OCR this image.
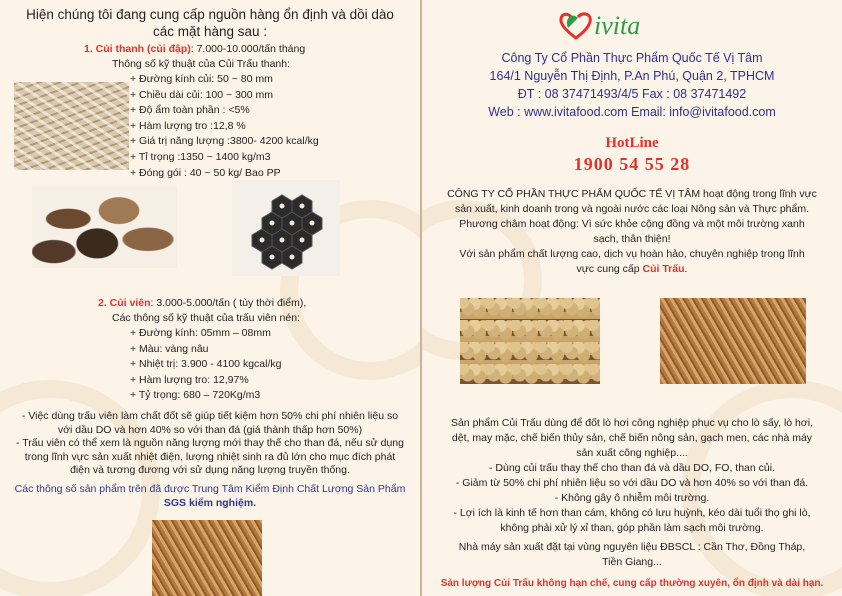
Hiện chúng tôi đang cung cấp nguồn hàng ổn định và dồi dào
các mặt hàng sau :
1. Củi thanh (củi đập): 7.000-10.000/tấn tháng
Thông số kỹ thuật của Củi Trấu thanh:
+ Đường kính củi: 50 ~ 80 mm
+ Chiều dài củi: 100 ~ 300 mm
+ Độ ẩm toàn phần : <5%
+ Hàm lượng tro :12,8 %
+ Giá trị năng lượng :3800- 4200 kcal/kg
+ Tỉ trọng :1350 ~ 1400 kg/m3
+ Đóng gói : 40 ~ 50 kg/ Bao PP
2. Củi viên: 3.000-5.000/tấn ( tùy thời điểm),
Các thông số kỹ thuật của trấu viên nén:
+ Đường kính: 05mm – 08mm
+ Màu: vàng nâu
+ Nhiệt trị: 3.900 - 4100 kgcal/kg
+ Hàm lượng tro: 12,97%
+ Tỷ trọng: 680 – 720Kg/m3
- Việc dùng trấu viên làm chất đốt sẽ giúp tiết kiệm hơn 50% chi phí nhiên liệu so
với dầu DO và hơn 40% so với than đá (giá thành thấp hơn 50%)
- Trấu viên có thể xem là nguồn năng lượng mới thay thế cho than đá, nếu sử dụng
trong lĩnh vực sản xuất nhiệt điện, lượng nhiệt sinh ra đủ lớn cho mục đích phát
điện và tương đương với sử dụng năng lượng truyền thống.
Các thông số sản phẩm trên đã được Trung Tâm Kiểm Định Chất Lượng Sản Phẩm
SGS kiểm nghiệm.
ivita
Công Ty Cổ Phần Thực Phẩm Quốc Tế Vị Tâm
164/1 Nguyễn Thị Định, P.An Phú, Quận 2, TPHCM
ĐT : 08 37471493/4/5 Fax : 08 37471492
Web : www.ivitafood.com Email: info@ivitafood.com
HotLine
1900 54 55 28
CÔNG TY CỔ PHẦN THỰC PHẨM QUỐC TẾ VỊ TÂM hoạt động trong lĩnh vực
sản xuất, kinh doanh trong và ngoài nước các loại Nông sản và Thực phẩm.
Phương châm hoạt động: Vì sức khỏe cộng đồng và một môi trường xanh
sạch, thân thiện!
Với sản phẩm chất lượng cao, dịch vụ hoàn hảo, chuyên nghiệp trong lĩnh
vực cung cấp Củi Trấu.
Sản phẩm Củi Trấu dùng để đốt lò hơi công nghiệp phục vụ cho lò sấy, lò hơi,
dệt, may mặc, chế biến thủy sản, chế biến nông sản, gạch men, các nhà máy
sản xuất công nghiệp....
- Dùng củi trấu thay thế cho than đá và dầu DO, FO, than củi.
- Giảm từ 50% chi phí nhiên liệu so với dầu DO và hơn 40% so với than đá.
- Không gây ô nhiễm môi trường.
- Lợi ích là kinh tế hơn than cám, không có lưu huỳnh, kéo dài tuổi thọ ghi lò,
không phải xử lý xỉ than, góp phần làm sạch môi trường.
Nhà máy sản xuất đặt tại vùng nguyên liệu ĐBSCL : Cần Thơ, Đồng Tháp,
Tiền Giang...
Sản lượng Củi Trấu không hạn chế, cung cấp thường xuyên, ổn định và dài hạn.
